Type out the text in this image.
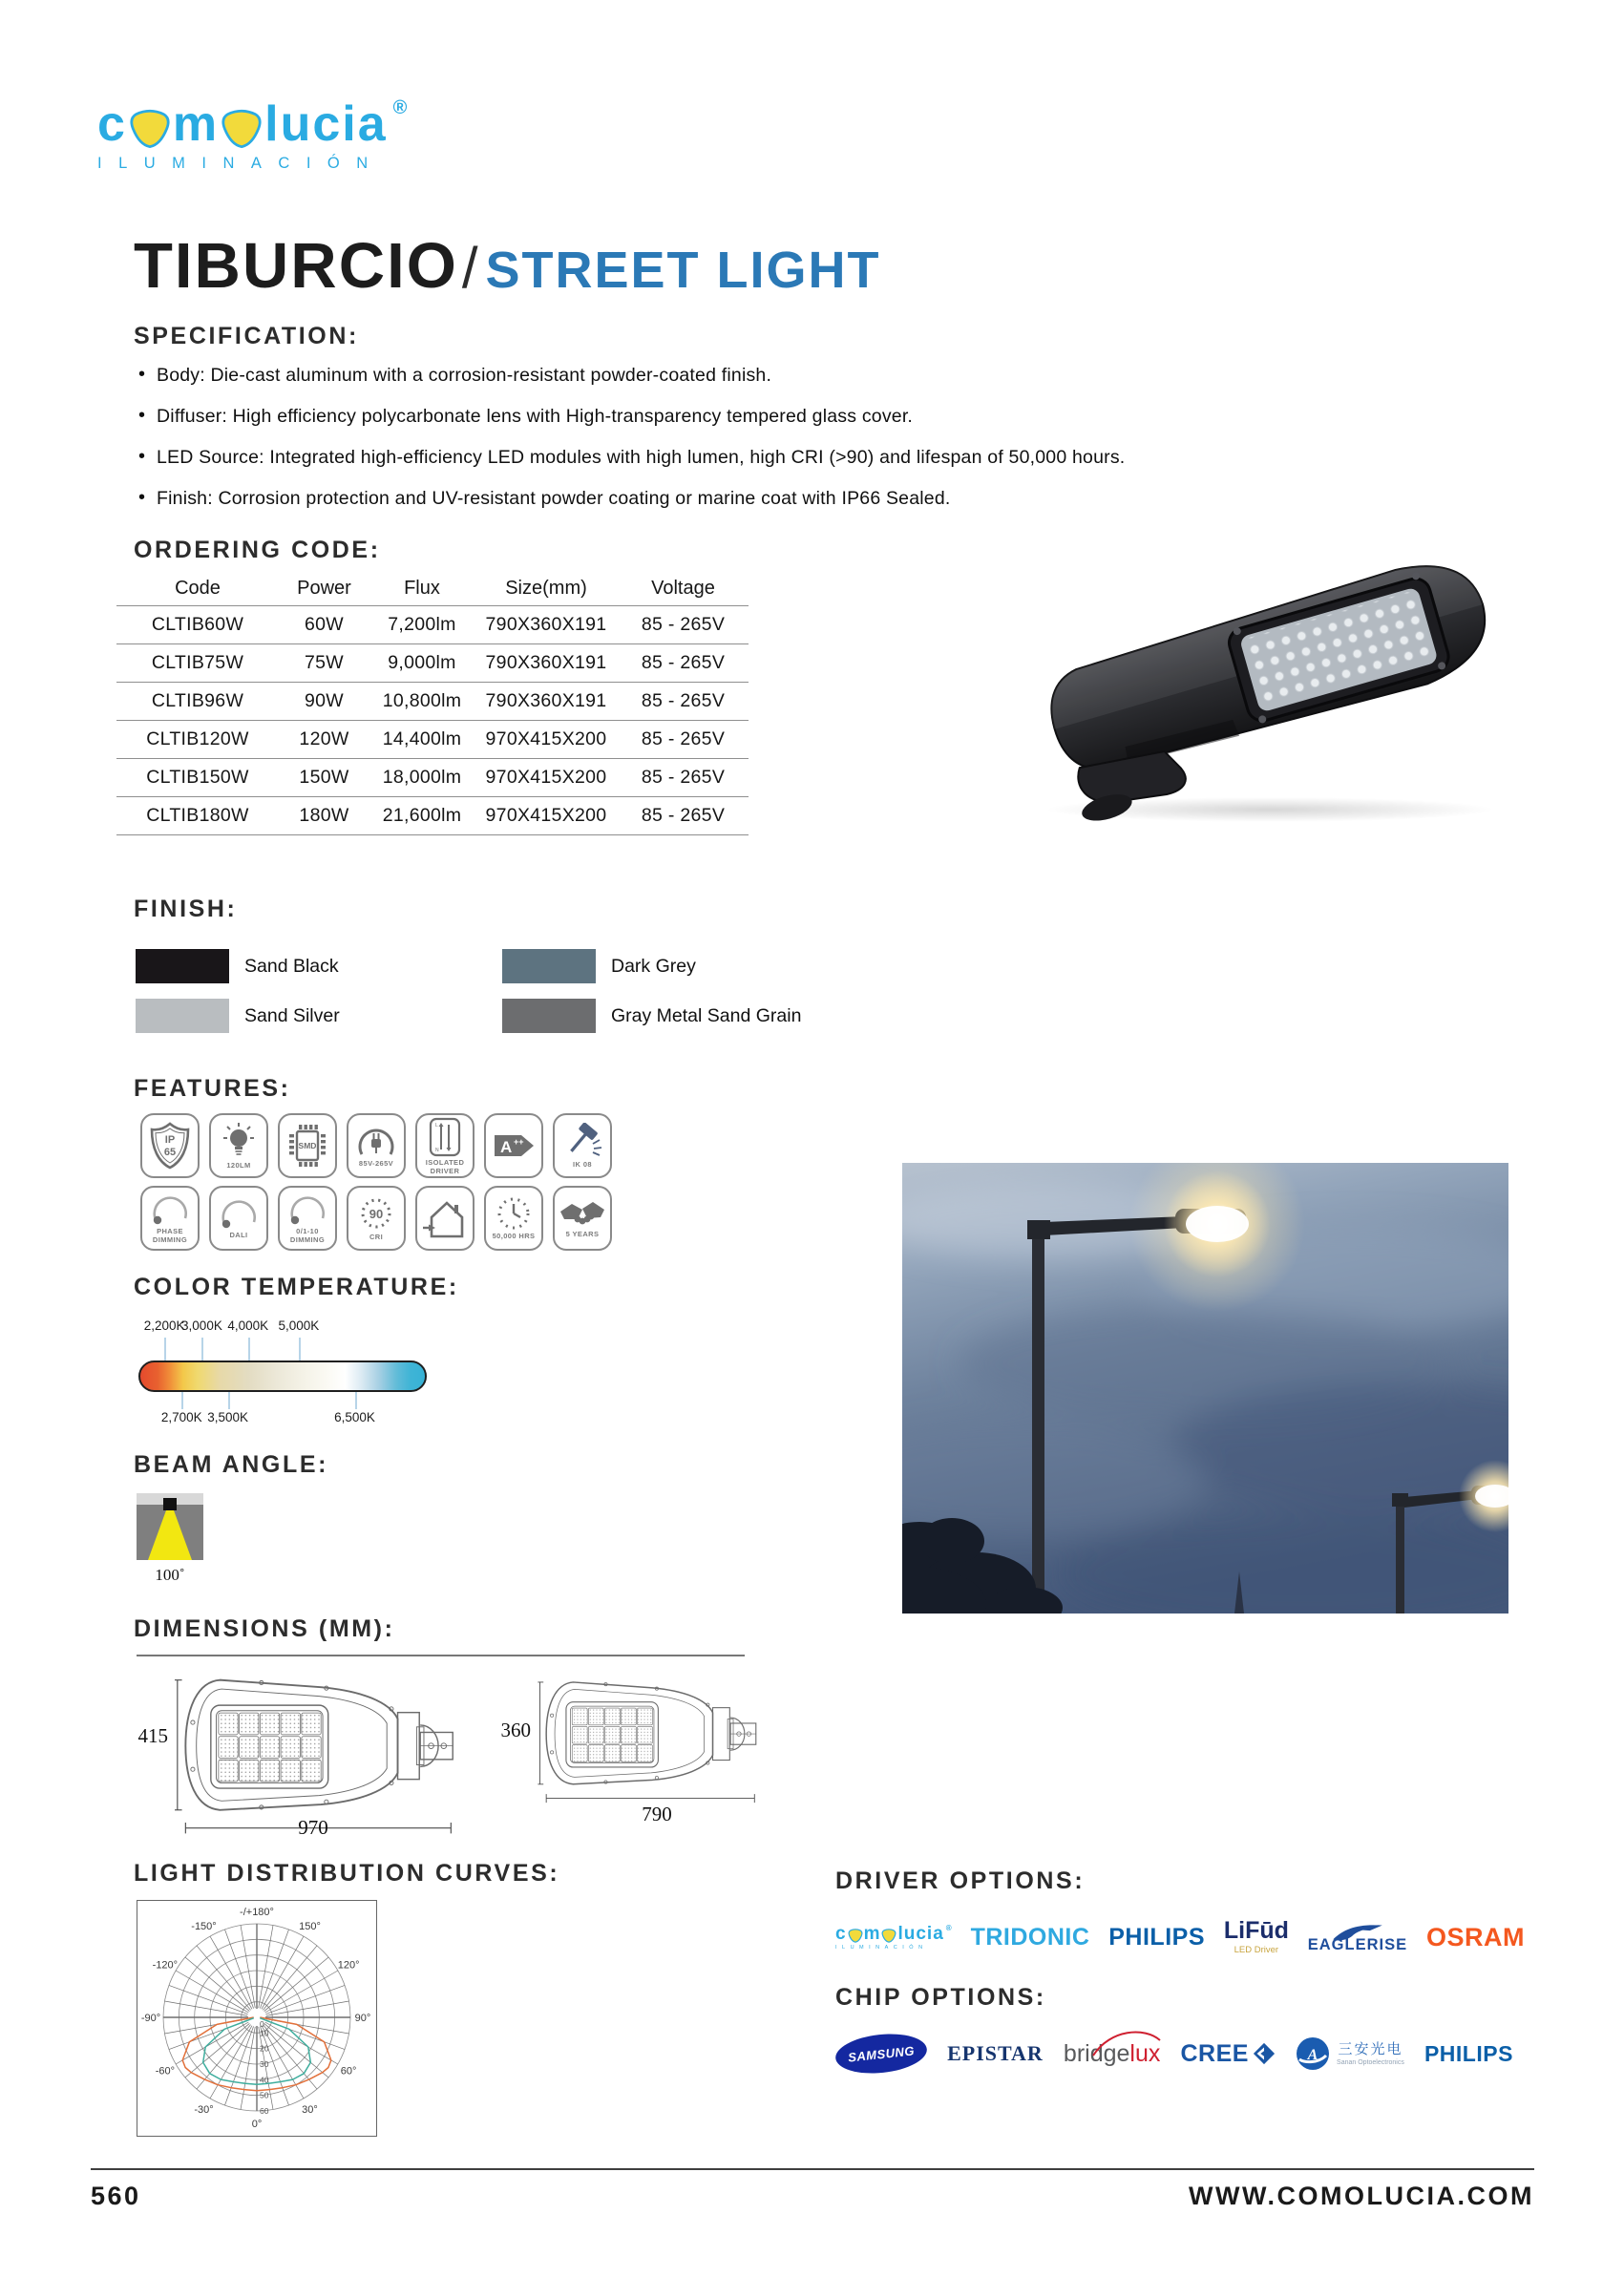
c m lucia ®
ILUMINACIÓN
TIBURCIO / STREET LIGHT
SPECIFICATION:
• Body: Die-cast aluminum with a corrosion-resistant powder-coated finish.
• Diffuser: High efficiency polycarbonate lens with High-transparency tempered glass cover.
• LED Source: Integrated high-efficiency LED modules with high lumen, high CRI (>90) and lifespan of 50,000 hours.
• Finish: Corrosion protection and UV-resistant powder coating or marine coat with IP66 Sealed.
ORDERING CODE:
Code	Power	Flux	Size(mm)	Voltage
CLTIB60W	60W	7,200lm	790X360X191	85 - 265V
CLTIB75W	75W	9,000lm	790X360X191	85 - 265V
CLTIB96W	90W	10,800lm	790X360X191	85 - 265V
CLTIB120W	120W	14,400lm	970X415X200	85 - 265V
CLTIB150W	150W	18,000lm	970X415X200	85 - 265V
CLTIB180W	180W	21,600lm	970X415X200	85 - 265V
FINISH:
Sand Black
Sand Silver
Dark Grey
Gray Metal Sand Grain
FEATURES:
IP
65
120LM
SMD
85V-265V
L
N
ISOLATED DRIVER
A ++
IK 08
PHASE DIMMING	DALI	0/1-10 DIMMING
90
CRI	50,000 HRS	5 YEARS
COLOR TEMPERATURE:
2,200K
3,000K 4,000K 5,000K
2,700K 3,500K	6,500K
BEAM ANGLE:
100˚
DIMENSIONS (MM):
415
970
360
790
LIGHT DISTRIBUTION CURVES:
-/+180°
150°
120°
90°
60°
30°
0°
-30°
-60°
-90°
-120°
-150°
10
20
30
40
50
60
0
DRIVER OPTIONS:
c m lucia ®
ILUMINACIÓN	TRIDONIC PHILIPS LiFūd
LED Driver EAGLERISE OSRAM
CHIP OPTIONS:
SAMSUNG EPISTAR bridgelux CREE	A 三安光电
Sanan Optoelectronics PHILIPS
560	WWW.COMOLUCIA.COM
